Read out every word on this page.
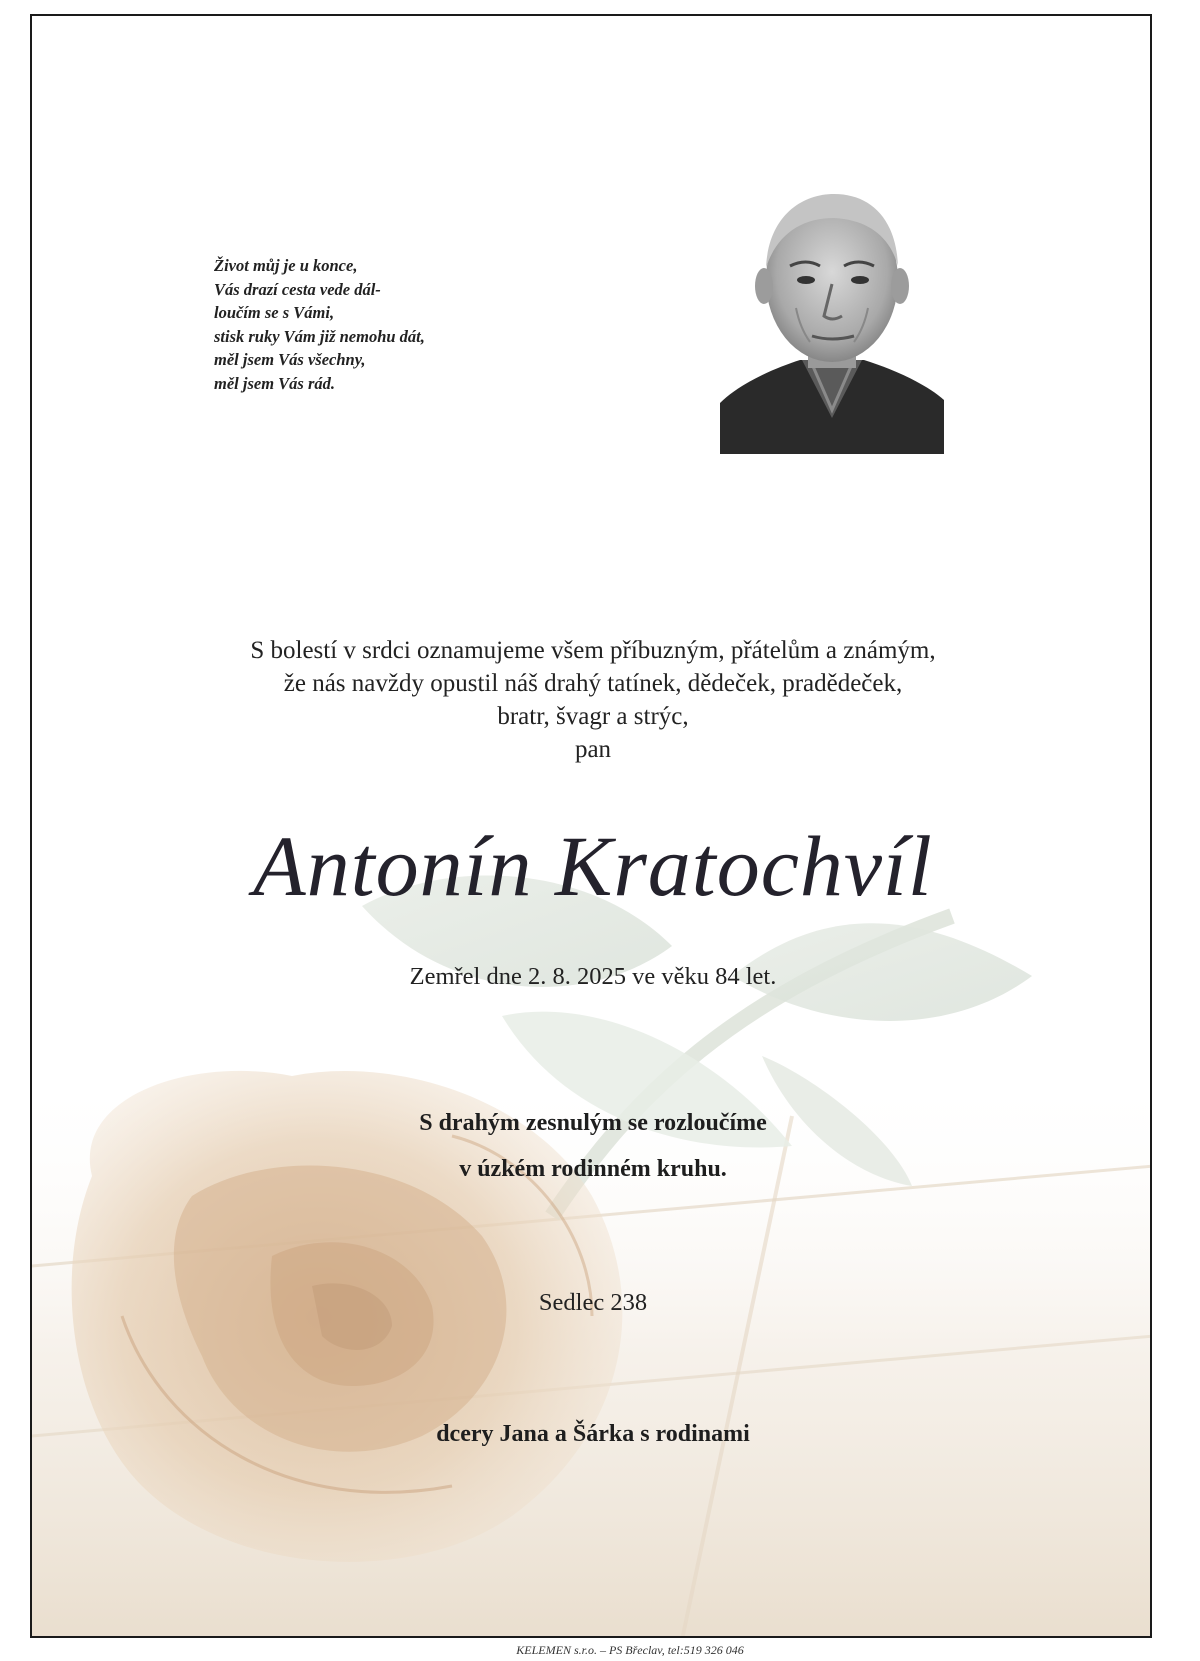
Život můj je u konce,
Vás drazí cesta vede dál-
loučím se s Vámi,
stisk ruky Vám již nemohu dát,
měl jsem Vás všechny,
měl jsem Vás rád.
S bolestí v srdci oznamujeme všem příbuzným, přátelům a známým,
že nás navždy opustil náš drahý tatínek, dědeček, pradědeček,
bratr, švagr a strýc,
pan
Antonín Kratochvíl
Zemřel dne 2. 8. 2025 ve věku 84 let.
S drahým zesnulým se rozloučíme
v úzkém rodinném kruhu.
Sedlec 238
dcery Jana a Šárka s rodinami
KELEMEN s.r.o. – PS Břeclav, tel:519 326 046
